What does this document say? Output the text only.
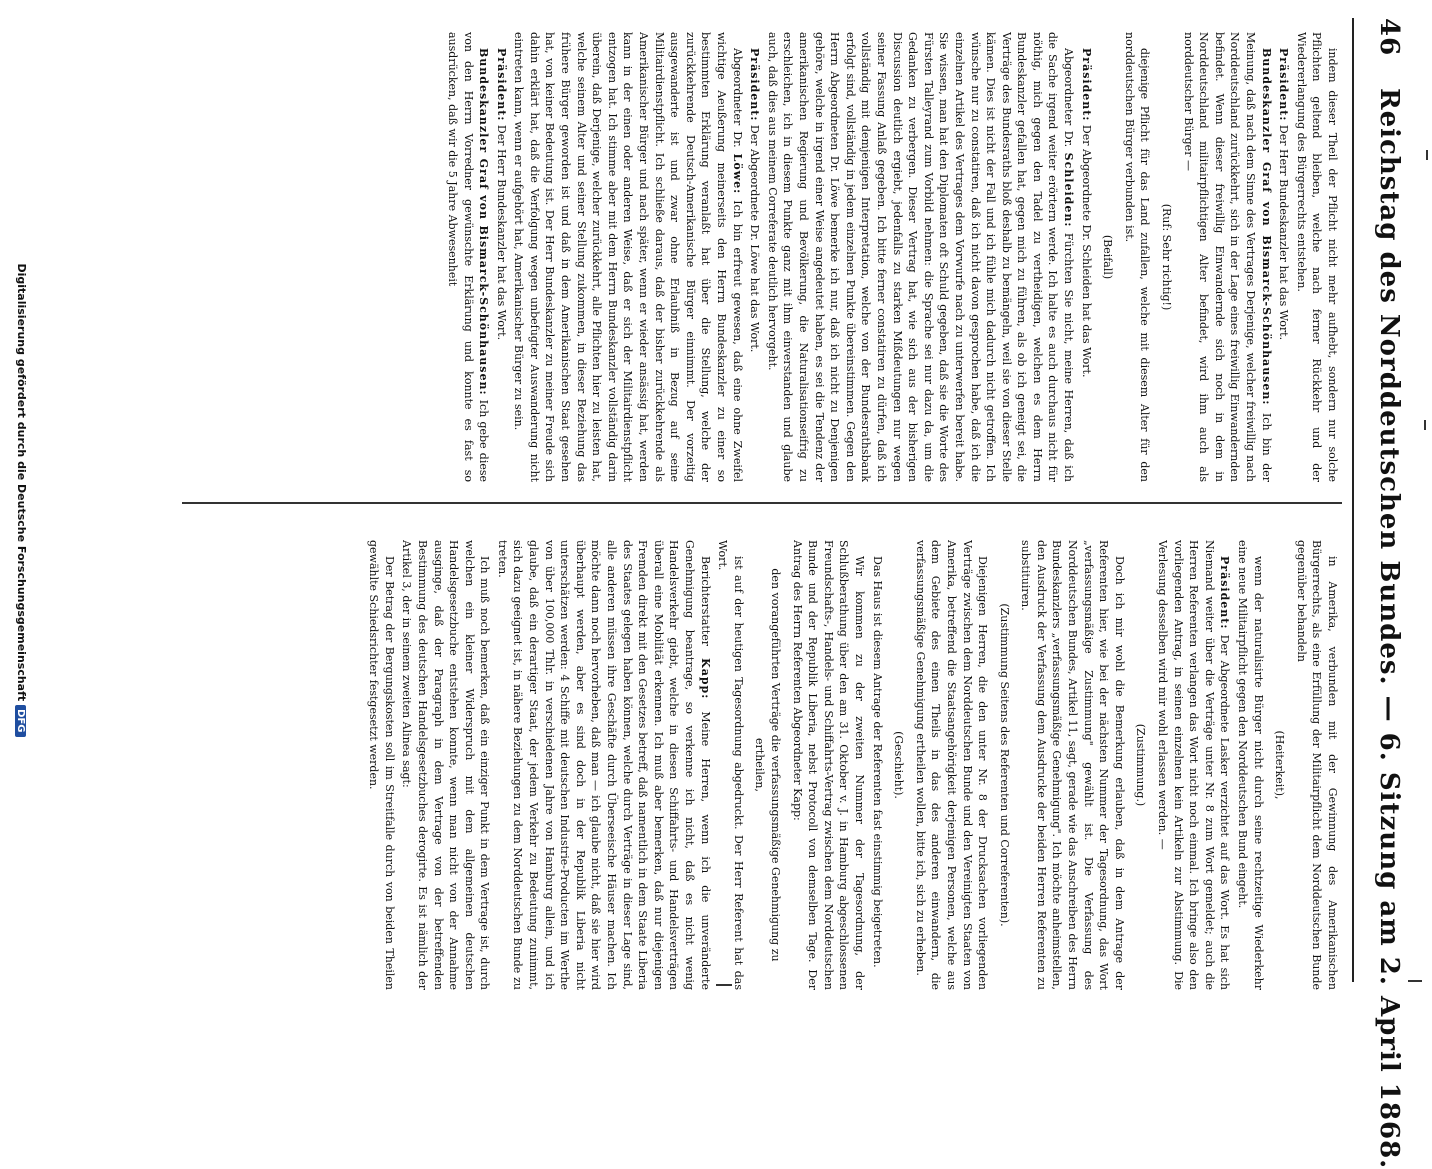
46
Reichstag des Norddeutschen Bundes. — 6. Sitzung am 2. April 1868.

indem dieser Theil der Pflicht nicht mehr aufhebt, sondern nur solche Pflichten geltend bleiben, welche nach ferner Rückkehr und der Wiedererlangung des Bürgerrechts entstehen.

Präsident: Der Herr Bundeskanzler hat das Wort.

Bundeskanzler Graf von Bismarck-Schönhausen: Ich bin der Meinung, daß nach dem Sinne des Vertrages Derjenige, welcher freiwillig nach Norddeutschland zurückkehrt, sich in der Lage eines freiwillig Einwandernden befindet. Wenn dieser freiwillig Einwandernde sich noch in dem in Norddeutschland militairpflichtigen Alter befindet, wird ihm auch als norddeutscher Bürger —

(Ruf: Sehr richtig!)

diejenige Pflicht für das Land zufallen, welche mit diesem Alter für den norddeutschen Bürger verbunden ist.

(Beifall)

Präsident: Der Abgeordnete Dr. Schleiden hat das Wort.

Abgeordneter Dr. Schleiden: Fürchten Sie nicht, meine Herren, daß ich die Sache irgend weiter erörtern werde. Ich halte es auch durchaus nicht für nöthig, mich gegen den Tadel zu vertheidigen, welchen es dem Herrn Bundeskanzler gefallen hat, gegen mich zu führen, als ob ich geneigt sei, die Verträge des Bundesraths bloß deshalb zu bemängeln, weil sie von dieser Stelle kämen. Dies ist nicht der Fall und ich fühle mich dadurch nicht getroffen. Ich wünsche nur zu constatiren, daß ich nicht davon gesprochen habe, daß ich die einzelnen Artikel des Vertrages dem Vorwurfe nach zu unterwerfen bereit habe. Sie wissen, man hat den Diplomaten oft Schuld gegeben, daß sie die Worte des Fürsten Talleyrand zum Vorbild nehmen: die Sprache sei nur dazu da, um die Gedanken zu verbergen. Dieser Vertrag hat, wie sich aus der bisherigen Discussion deutlich ergiebt, jedenfalls zu starken Mißdeutungen nur wegen seiner Fassung Anlaß gegeben. Ich bitte ferner constatiren zu dürfen, daß ich vollständig mit demjenigen Interpretation, welche von der Bundesrathsbank erfolgt sind, vollständig in jedem einzelnen Punkte übereinstimmen. Gegen den Herrn Abgeordneten Dr. Löwe bemerke ich nur, daß ich nicht zu Denjenigen gehöre, welche in irgend einer Weise angedeutet haben, es sei die Tendenz der amerikanischen Regierung und Bevölkerung, die Naturalisationseifrig zu erschleichen, ich in diesem Punkte ganz mit ihm einverstanden und glaube auch, daß dies aus meinem Correferate deutlich hervorgeht.

Präsident: Der Abgeordnete Dr. Löwe hat das Wort.

Abgeordneter Dr. Löwe: Ich bin erfreut gewesen, daß eine ohne Zweifel wichtige Aeußerung meinerseits den Herrn Bundeskanzler zu einer so bestimmten Erklärung veranlaßt hat über die Stellung, welche der zurückkehrende Deutsch-Amerikanische Bürger einnimmt. Der vorzeitig ausgewanderte ist und zwar ohne Erlaubniß in Bezug auf seine Militairdienstpflicht. Ich schließe daraus, daß der bisher zurückkehrende als Amerikanischer Bürger und nach später, wenn er wieder ansässig hat, werden kann in der einen oder anderen Weise, daß er sich der Militairdienstpflicht entzogen hat. Ich stimme aber mit dem Herrn Bundeskanzler vollständig darin überein, daß Derjenige, welcher zurückkehrt, alle Pflichten hier zu leisten hat, welche seinem Alter und seiner Stellung zukommen, in dieser Beziehung das frühere Bürger geworden ist und daß in dem Amerikanischen Staat gesehen hat, von keiner Bedeutung ist. Der Herr Bundeskanzler zu meiner Freude sich dahin erklärt hat, daß die Verfolgung wegen unbefugter Auswanderung nicht eintreten kann, wenn er aufgehört hat, Amerikanischer Bürger zu sein.

Präsident: Der Herr Bundeskanzler hat das Wort.

Bundeskanzler Graf von Bismarck-Schönhausen: Ich gebe diese von den Herrn Vorredner gewünschte Erklärung und konnte es fast so ausdrücken, daß wir die 5 Jahre Abwesenheit

in Amerika, verbunden mit der Gewinnung des Amerikanischen Bürgerrechts, als eine Erfüllung der Militairpflicht dem Norddeutschen Bunde gegenüber behandeln

(Heiterkeit),

wenn der naturalisirte Bürger nicht durch seine rechtzeitige Wiederkehr eine neue Militairpflicht gegen den Norddeutschen Bund eingeht.

Präsident: Der Abgeordnete Lasker verzichtet auf das Wort. Es hat sich Niemand weiter über die Verträge unter Nr. 8 zum Wort gemeldet; auch die Herren Referenten verlangen das Wort nicht noch einmal. Ich bringe also den vorliegenden Antrag, in seinen einzelnen kein Artikeln zur Abstimmung. Die Verlesung desselben wird mir wohl erlassen werden. —

(Zustimmung.)

Doch ich mir wohl die Bemerkung erlauben, daß in dem Antrage der Referenten hier, wie bei der nächsten Nummer der Tagesordnung, das Wort „verfassungsmäßige Zustimmung" gewählt ist. Die Verfassung des Norddeutschen Bundes, Artikel 11, sagt, gerade wie das Anschreiben des Herrn Bundeskanzlers „verfassungsmäßige Genehmigung". Ich möchte anheimstellen, den Ausdruck der Verfassung dem Ausdrucke der beiden Herren Referenten zu substituiren.

(Zustimmung Seitens des Referenten und Correferenten).

Diejenigen Herren, die den unter Nr. 8 der Drucksachen vorliegenden Verträge zwischen dem Norddeutschen Bunde und den Vereinigten Staaten von Amerika, betreffend die Staatsangehörigkeit derjenigen Personen, welche aus dem Gebiete des einen Theils in das des anderen einwandern, die verfassungsmäßige Genehmigung ertheilen wollen, bitte ich, sich zu erheben.

(Geschieht).

Das Haus ist diesem Antrage der Referenten fast einstimmig beigetreten.

Wir kommen zu der zweiten Nummer der Tagesordnung, der Schlußberathung über den am 31. Oktober v. J. in Hamburg abgeschlossenen Freundschafts-, Handels- und Schiffahrts-Vertrag zwischen dem Norddeutschen Bunde und der Republik Liberia, nebst Protocoll von demselben Tage. Der Antrag des Herrn Referenten Abgeordneter Kapp:

den vorangeführten Verträge die verfassungsmäßige Genehmigung zu ertheilen,

ist auf der heutigen Tagesordnung abgedruckt. Der Herr Referent hat das Wort.

Berichterstatter Kapp: Meine Herren, wenn ich die unveränderte Genehmigung beantrage, so verkenne ich nicht, daß es nicht wenig Handelsverkehr giebt, welche in diesen Schiffahrts- und Handelsverträgen überall eine Mobilität erkennen. Ich muß aber bemerken, daß nur diejenigen Fremden direkt mit den Gesetzes betreff, daß namentlich in dem Staate Liberia des Staates gelegen haben können, welche durch Verträge in dieser Lage sind, alle anderen müssen ihre Geschäfte durch Überseeische Häuser machen. Ich möchte dann noch hervorheben, daß man — ich glaube nicht, daß sie hier wird überhaupt werden, aber es sind doch in der Republik Liberia nicht unterschätzen werden: 4 Schiffe mit deutschen Industrie-Producten im Werthe von über 100,000 Thlr. in verschiedenen Jahre von Hamburg allein, und ich glaube, daß ein derartiger Staat, der jedem Verkehr zu Bedeutung zunimmt, sich dazu geeignet ist, in nähere Beziehungen zu dem Norddeutschen Bunde zu treten.

Ich muß noch bemerken, daß ein einziger Punkt in dem Vertrage ist, durch welchen ein kleiner Widerspruch mit dem allgemeinen deutschen Handelsgesetzbuche entstehen konnte, wenn man nicht von der Annahme ausginge, daß der Paragraph in dem Vertrage von der betreffenden Bestimmung des deutschen Handelsgesetzbuches derogirte. Es ist nämlich der Artikel 3, der in seinem zweiten Alinea sagt:

Der Betrag der Bergungskosten soll im Streitfalle durch von beiden Theilen gewählte Schiedsrichter festgesetzt werden.

Digitalisierung gefördert durch die Deutsche ForschungsgemeinschaftDFG
